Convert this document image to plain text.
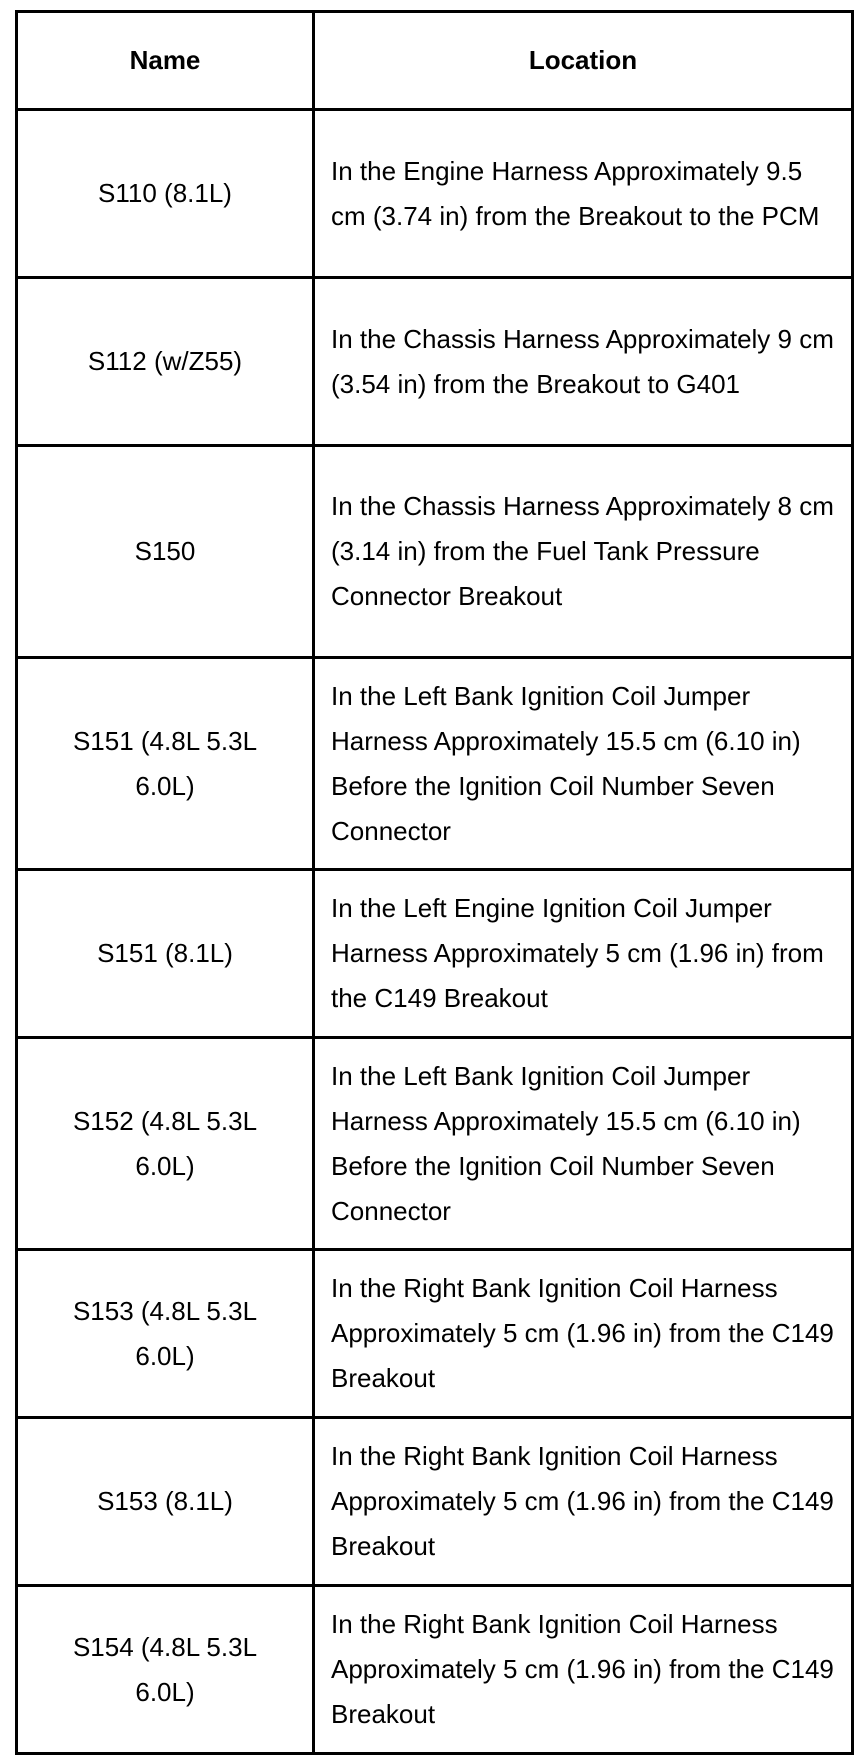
Name	Location
S110 (8.1L)	In the Engine Harness Approximately 9.5 cm (3.74 in) from the Breakout to the PCM
S112 (w/Z55)	In the Chassis Harness Approximately 9 cm (3.54 in) from the Breakout to G401
S150	In the Chassis Harness Approximately 8 cm (3.14 in) from the Fuel Tank Pressure Connector Breakout
S151 (4.8L 5.3L 6.0L)	In the Left Bank Ignition Coil Jumper Harness Approximately 15.5 cm (6.10 in) Before the Ignition Coil Number Seven Connector
S151 (8.1L)	In the Left Engine Ignition Coil Jumper Harness Approximately 5 cm (1.96 in) from the C149 Breakout
S152 (4.8L 5.3L 6.0L)	In the Left Bank Ignition Coil Jumper Harness Approximately 15.5 cm (6.10 in) Before the Ignition Coil Number Seven Connector
S153 (4.8L 5.3L 6.0L)	In the Right Bank Ignition Coil Harness Approximately 5 cm (1.96 in) from the C149 Breakout
S153 (8.1L)	In the Right Bank Ignition Coil Harness Approximately 5 cm (1.96 in) from the C149 Breakout
S154 (4.8L 5.3L 6.0L)	In the Right Bank Ignition Coil Harness Approximately 5 cm (1.96 in) from the C149 Breakout
